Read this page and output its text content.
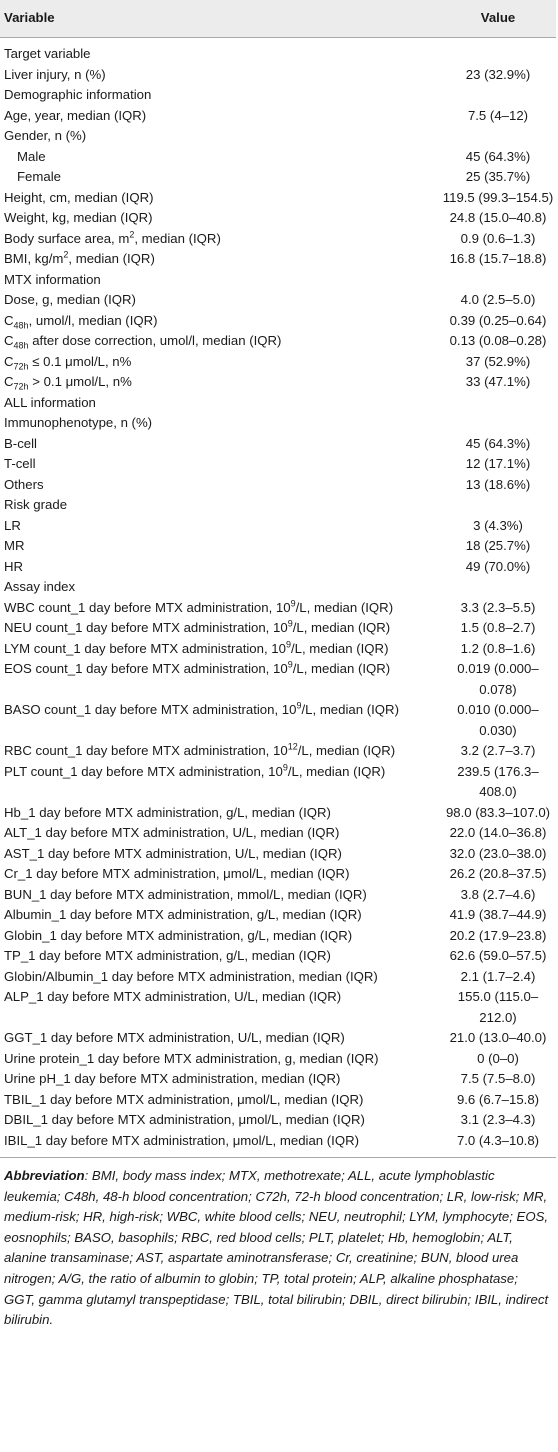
Variable	Value
Target variable	
Liver injury, n (%)	23 (32.9%)
Demographic information	
Age, year, median (IQR)	7.5 (4–12)
Gender, n (%)	
Male	45 (64.3%)
Female	25 (35.7%)
Height, cm, median (IQR)	119.5 (99.3–154.5)
Weight, kg, median (IQR)	24.8 (15.0–40.8)
Body surface area, $m^2$, median (IQR)	0.9 (0.6–1.3)
BMI, $kg/m^2$, median (IQR)	16.8 (15.7–18.8)
MTX information	
Dose, g, median (IQR)	4.0 (2.5–5.0)
$C_{48h}$, umol/l, median (IQR)	0.39 (0.25–0.64)
$C_{48h}$ after dose correction, umol/l, median (IQR)	0.13 (0.08–0.28)
$C_{72h} \le 0.1$ μmol/L, n%	37 (52.9%)
$C_{72h} > 0.1$ μmol/L, n%	33 (47.1%)
ALL information	
Immunophenotype, n (%)	
B-cell	45 (64.3%)
T-cell	12 (17.1%)
Others	13 (18.6%)
Risk grade	
LR	3 (4.3%)
MR	18 (25.7%)
HR	49 (70.0%)
Assay index	
WBC count_1 day before MTX administration, $10^9/L$, median (IQR)	3.3 (2.3–5.5)
NEU count_1 day before MTX administration, $10^9/L$, median (IQR)	1.5 (0.8–2.7)
LYM count_1 day before MTX administration, $10^9/L$, median (IQR)	1.2 (0.8–1.6)
EOS count_1 day before MTX administration, $10^9/L$, median (IQR)	0.019 (0.000–0.078)
BASO count_1 day before MTX administration, $10^9/L$, median (IQR)	0.010 (0.000–0.030)
RBC count_1 day before MTX administration, $10^{12}/L$, median (IQR)	3.2 (2.7–3.7)
PLT count_1 day before MTX administration, $10^9/L$, median (IQR)	239.5 (176.3–408.0)
Hb_1 day before MTX administration, g/L, median (IQR)	98.0 (83.3–107.0)
ALT_1 day before MTX administration, U/L, median (IQR)	22.0 (14.0–36.8)
AST_1 day before MTX administration, U/L, median (IQR)	32.0 (23.0–38.0)
Cr_1 day before MTX administration, μmol/L, median (IQR)	26.2 (20.8–37.5)
BUN_1 day before MTX administration, mmol/L, median (IQR)	3.8 (2.7–4.6)
Albumin_1 day before MTX administration, g/L, median (IQR)	41.9 (38.7–44.9)
Globin_1 day before MTX administration, g/L, median (IQR)	20.2 (17.9–23.8)
TP_1 day before MTX administration, g/L, median (IQR)	62.6 (59.0–57.5)
Globin/Albumin_1 day before MTX administration, median (IQR)	2.1 (1.7–2.4)
ALP_1 day before MTX administration, U/L, median (IQR)	155.0 (115.0–212.0)
GGT_1 day before MTX administration, U/L, median (IQR)	21.0 (13.0–40.0)
Urine protein_1 day before MTX administration, g, median (IQR)	0 (0–0)
Urine pH_1 day before MTX administration, median (IQR)	7.5 (7.5–8.0)
TBIL_1 day before MTX administration, μmol/L, median (IQR)	9.6 (6.7–15.8)
DBIL_1 day before MTX administration, μmol/L, median (IQR)	3.1 (2.3–4.3)
IBIL_1 day before MTX administration, μmol/L, median (IQR)	7.0 (4.3–10.8)
Abbreviation: BMI, body mass index; MTX, methotrexate; ALL, acute lymphoblastic leukemia; C48h, 48-h blood concentration; C72h, 72-h blood concentration; LR, low-risk; MR, medium-risk; HR, high-risk; WBC, white blood cells; NEU, neutrophil; LYM, lymphocyte; EOS, eosnophils; BASO, basophils; RBC, red blood cells; PLT, platelet; Hb, hemoglobin; ALT, alanine transaminase; AST, aspartate aminotransferase; Cr, creatinine; BUN, blood urea nitrogen; A/G, the ratio of albumin to globin; TP, total protein; ALP, alkaline phosphatase; GGT, gamma glutamyl transpeptidase; TBIL, total bilirubin; DBIL, direct bilirubin; IBIL, indirect bilirubin.
